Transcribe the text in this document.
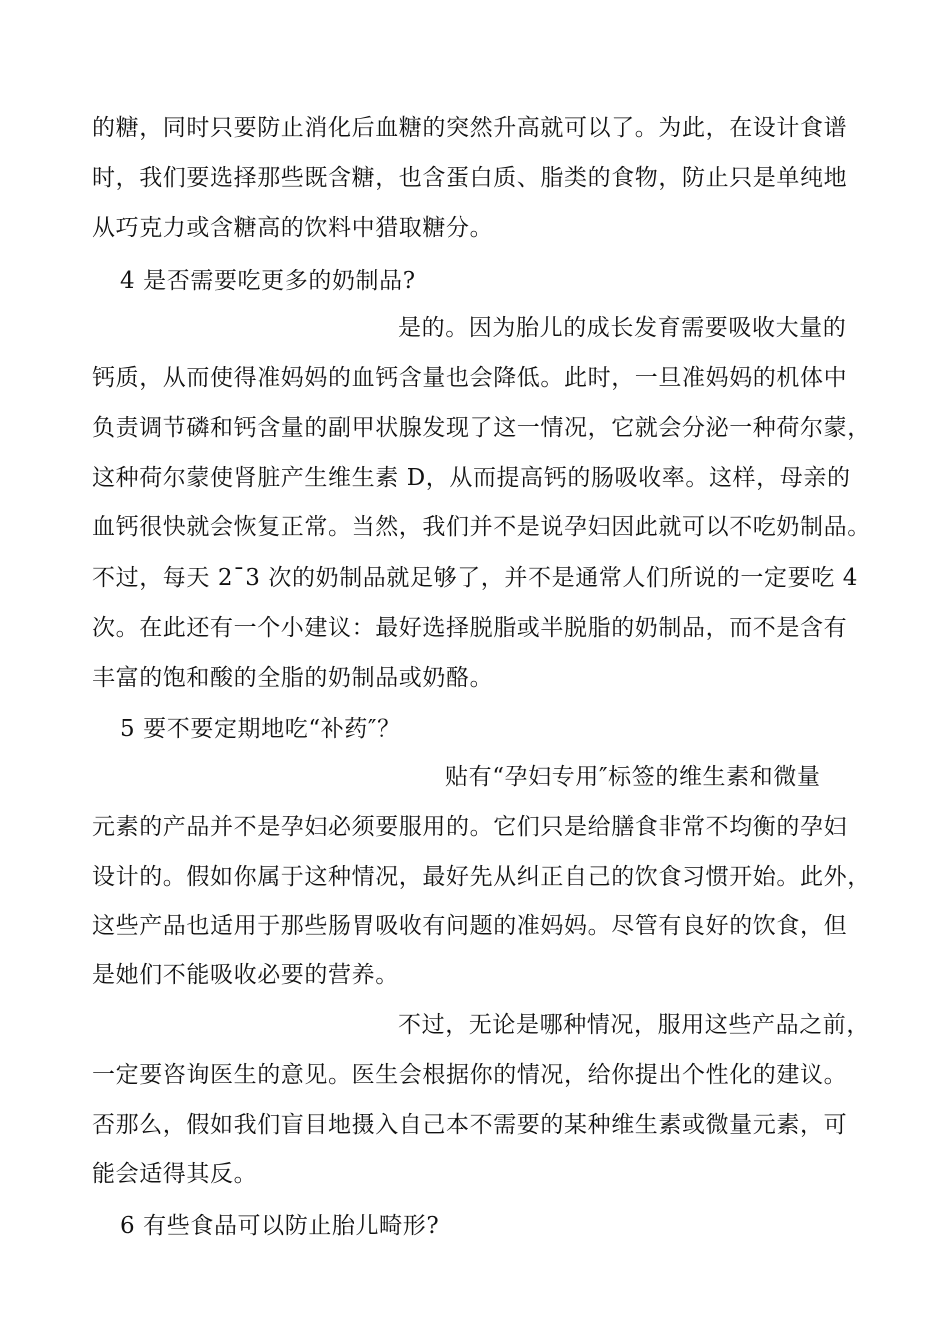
的糖，同时只要防止消化后血糖的突然升高就可以了。为此，在设计食谱
时，我们要选择那些既含糖，也含蛋白质、脂类的食物，防止只是单纯地
从巧克力或含糖高的饮料中猎取糖分。
4 是否需要吃更多的奶制品?
是的。因为胎儿的成长发育需要吸收大量的
钙质，从而使得准妈妈的血钙含量也会降低。此时，一旦准妈妈的机体中
负责调节磷和钙含量的副甲状腺发现了这一情况，它就会分泌一种荷尔蒙，
这种荷尔蒙使肾脏产生维生素 D，从而提高钙的肠吸收率。这样，母亲的
血钙很快就会恢复正常。当然，我们并不是说孕妇因此就可以不吃奶制品。
不过，每天 2¯3 次的奶制品就足够了，并不是通常人们所说的一定要吃 4
次。在此还有一个小建议：最好选择脱脂或半脱脂的奶制品，而不是含有
丰富的饱和酸的全脂的奶制品或奶酪。
5 要不要定期地吃“补药″？
贴有“孕妇专用″标签的维生素和微量
元素的产品并不是孕妇必须要服用的。它们只是给膳食非常不均衡的孕妇
设计的。假如你属于这种情况，最好先从纠正自己的饮食习惯开始。此外，
这些产品也适用于那些肠胃吸收有问题的准妈妈。尽管有良好的饮食，但
是她们不能吸收必要的营养。
不过，无论是哪种情况，服用这些产品之前，
一定要咨询医生的意见。医生会根据你的情况，给你提出个性化的建议。
否那么，假如我们盲目地摄入自己本不需要的某种维生素或微量元素，可
能会适得其反。
6 有些食品可以防止胎儿畸形?
